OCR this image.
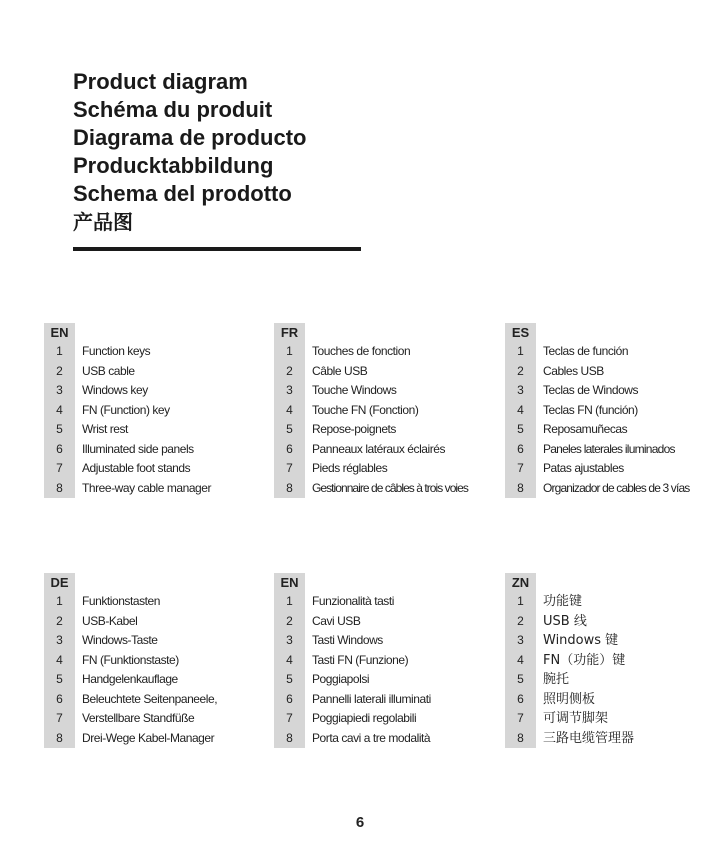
Product diagram
Schéma du produit
Diagrama de producto
Producktabbildung
Schema del prodotto
产品图
EN
1	Function keys
2	USB cable
3	Windows key
4	FN (Function) key
5	Wrist rest
6	Illuminated side panels
7	Adjustable foot stands
8	Three-way cable manager
FR
1	Touches de fonction
2	Câble USB
3	Touche Windows
4	Touche FN (Fonction)
5	Repose-poignets
6	Panneaux latéraux éclairés
7	Pieds réglables
8	Gestionnaire de câbles à trois voies
ES
1	Teclas de función
2	Cables USB
3	Teclas de Windows
4	Teclas FN (función)
5	Reposamuñecas
6	Paneles laterales iluminados
7	Patas ajustables
8	Organizador de cables de 3 vías
DE
1	Funktionstasten
2	USB-Kabel
3	Windows-Taste
4	FN (Funktionstaste)
5	Handgelenkauflage
6	Beleuchtete Seitenpaneele,
7	Verstellbare Standfüße
8	Drei-Wege Kabel-Manager
EN
1	Funzionalità tasti
2	Cavi USB
3	Tasti Windows
4	Tasti FN (Funzione)
5	Poggiapolsi
6	Pannelli laterali illuminati
7	Poggiapiedi regolabili
8	Porta cavi a tre modalità
ZN
1	功能键
2	USB 线
3	Windows 键
4	FN（功能）键
5	腕托
6	照明侧板
7	可调节脚架
8	三路电缆管理器
6
